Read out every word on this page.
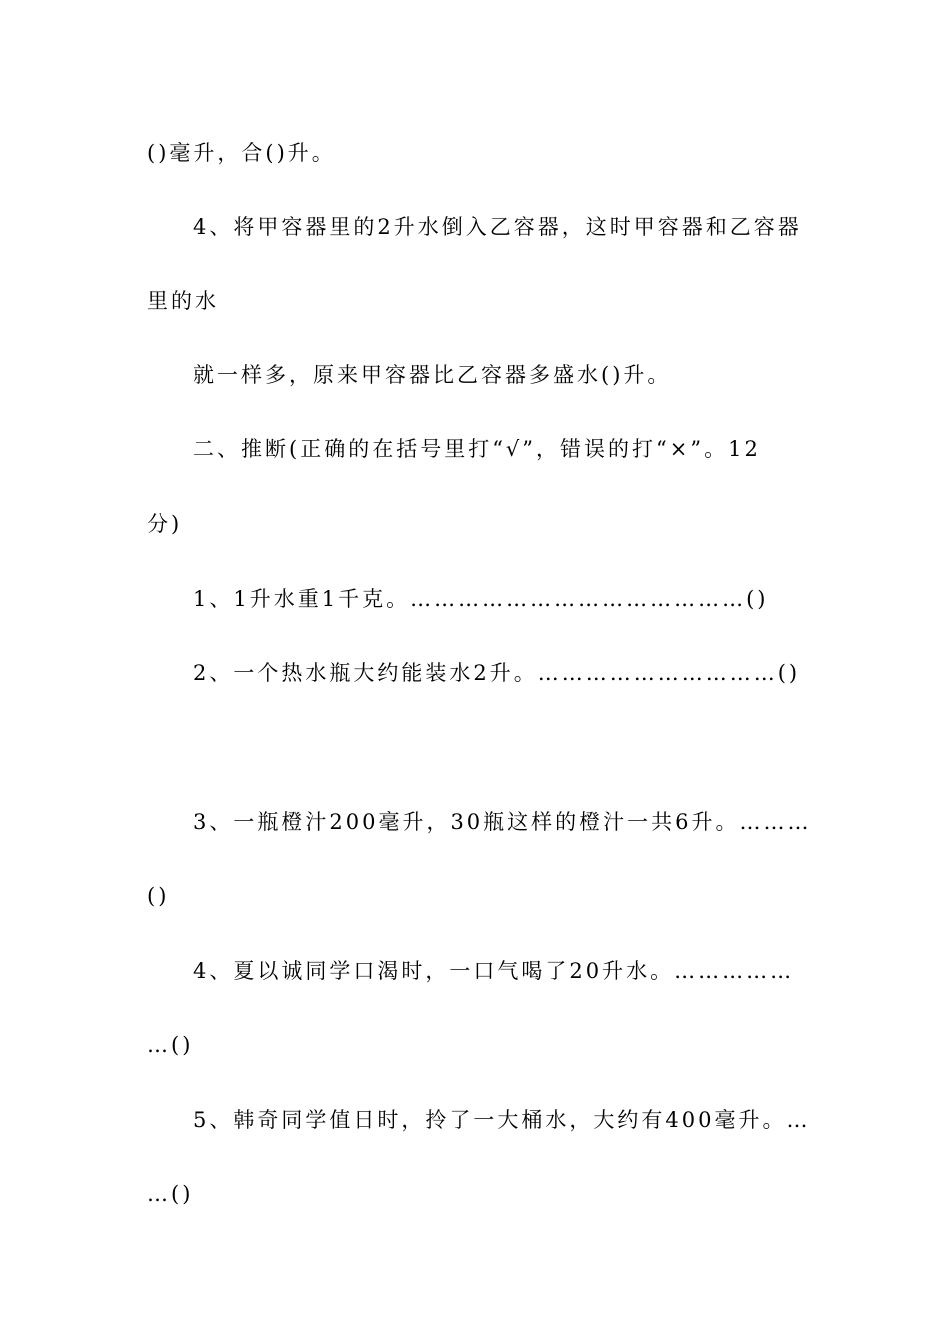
()毫升，合()升。
4、将甲容器里的2升水倒入乙容器，这时甲容器和乙容器
里的水
就一样多，原来甲容器比乙容器多盛水()升。
二、推断(正确的在括号里打“√”，错误的打“×”。12
分)
1、1升水重1千克。……………………………………()
2、一个热水瓶大约能装水2升。…………………………()
3、一瓶橙汁200毫升，30瓶这样的橙汁一共6升。………
()
4、夏以诚同学口渴时，一口气喝了20升水。……………
…()
5、韩奇同学值日时，拎了一大桶水，大约有400毫升。…
…()
